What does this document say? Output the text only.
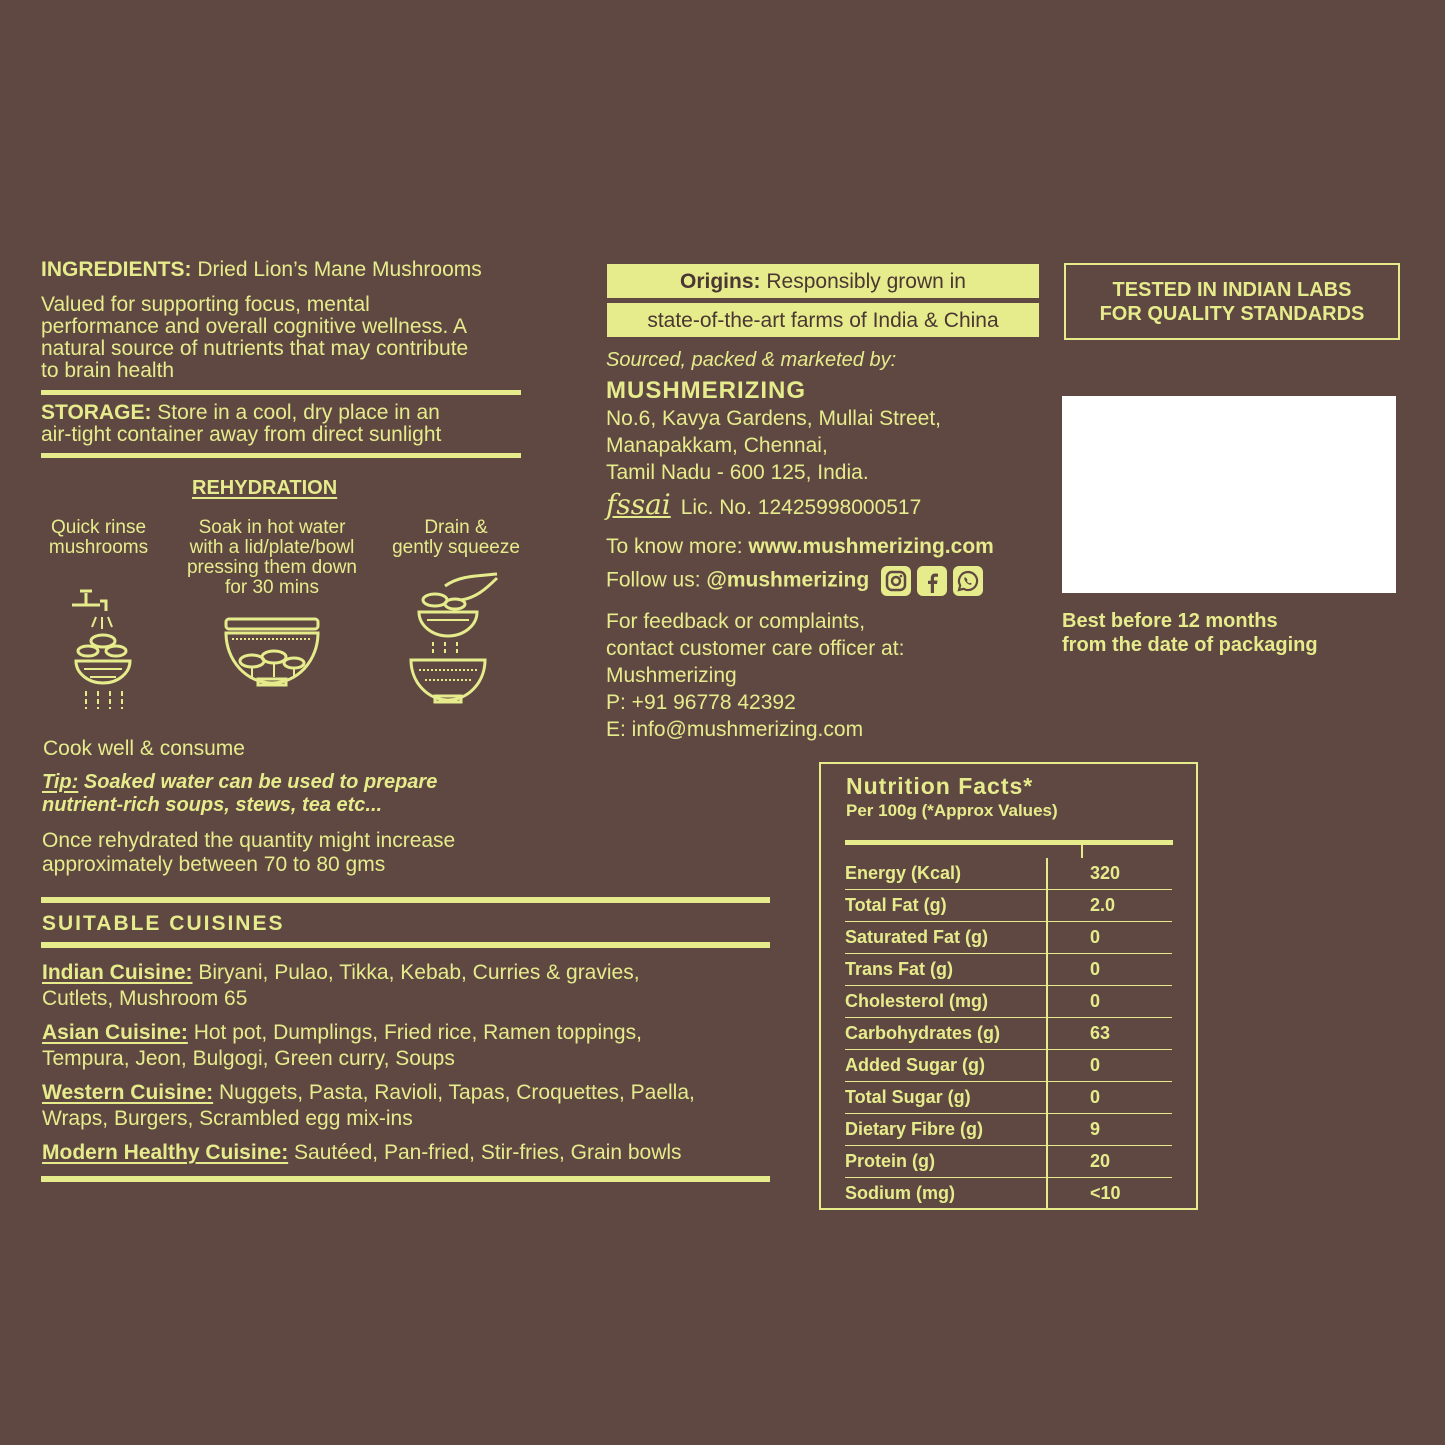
INGREDIENTS: Dried Lion’s Mane Mushrooms
Valued for supporting focus, mental
performance and overall cognitive wellness. A
natural source of nutrients that may contribute
to brain health
STORAGE: Store in a cool, dry place in an
air-tight container away from direct sunlight
REHYDRATION
Quick rinse
mushrooms
Soak in hot water
with a lid/plate/bowl
pressing them down
for 30 mins
Drain &
gently squeeze
Cook well & consume
Tip: Soaked water can be used to prepare
nutrient-rich soups, stews, tea etc...
Once rehydrated the quantity might increase
approximately between 70 to 80 gms
SUITABLE CUISINES
Indian Cuisine: Biryani, Pulao, Tikka, Kebab, Curries & gravies,
Cutlets, Mushroom 65
Asian Cuisine: Hot pot, Dumplings, Fried rice, Ramen toppings,
Tempura, Jeon, Bulgogi, Green curry, Soups
Western Cuisine: Nuggets, Pasta, Ravioli, Tapas, Croquettes, Paella,
Wraps, Burgers, Scrambled egg mix-ins
Modern Healthy Cuisine: Sautéed, Pan-fried, Stir-fries, Grain bowls
Origins: Responsibly grown in
state-of-the-art farms of India & China
Sourced, packed & marketed by:
MUSHMERIZING
No.6, Kavya Gardens, Mullai Street,
Manapakkam, Chennai,
Tamil Nadu - 600 125, India.
fssai Lic. No. 12425998000517
To know more: www.mushmerizing.com
Follow us: @mushmerizing
For feedback or complaints,
contact customer care officer at:
Mushmerizing
P: +91 96778 42392
E: info@mushmerizing.com
TESTED IN INDIAN LABS
FOR QUALITY STANDARDS
Best before 12 months
from the date of packaging
Nutrition Facts*
Per 100g (*Approx Values)
Energy (Kcal)	320
Total Fat (g)	2.0
Saturated Fat (g)	0
Trans Fat (g)	0
Cholesterol (mg)	0
Carbohydrates (g)	63
Added Sugar (g)	0
Total Sugar (g)	0
Dietary Fibre (g)	9
Protein (g)	20
Sodium (mg)	<10
